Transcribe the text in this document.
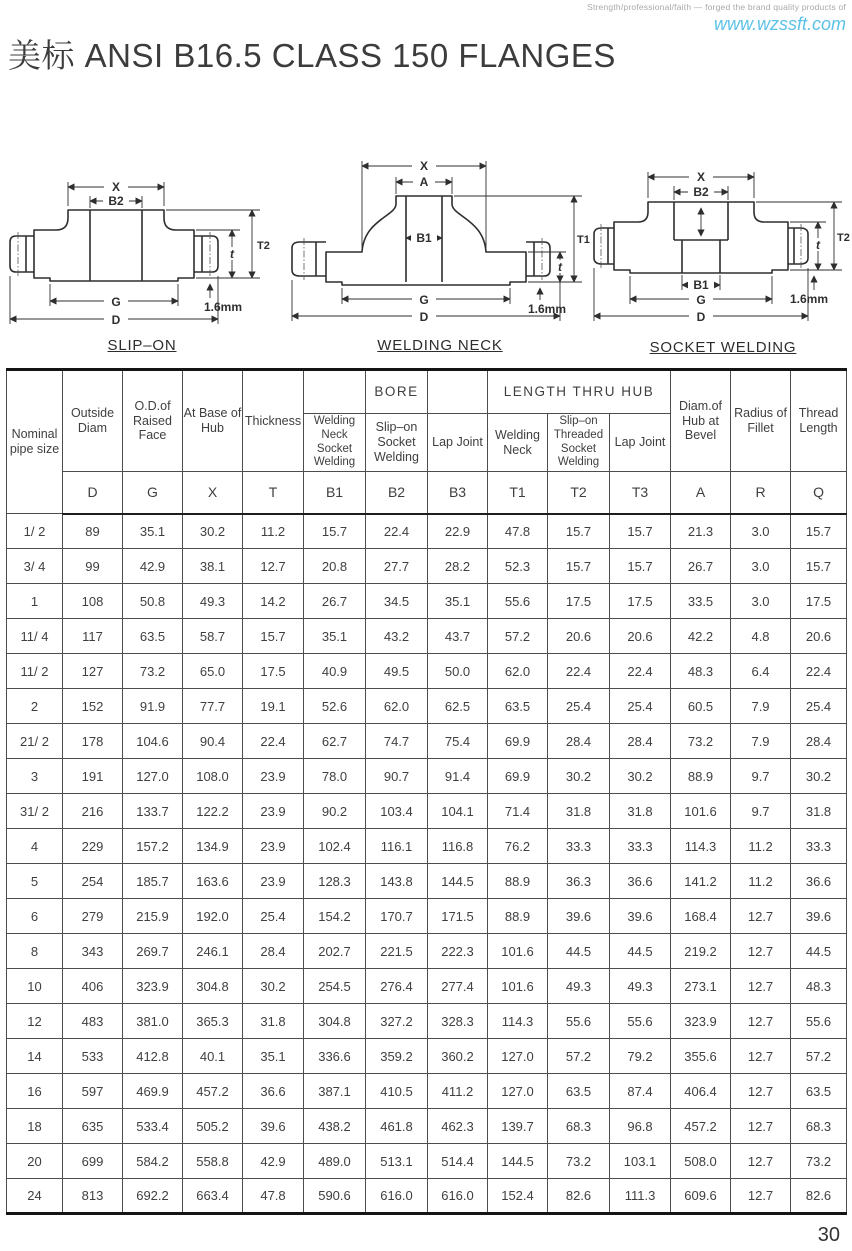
Strength/professional/faith — forged the brand quality products of
www.wzssft.com
美标 ANSI B16.5 CLASS 150 FLANGES
X
B2
t
T2
1.6mm
G
D
SLIP–ON
X
A
B1	T1
t
1.6mm
G
D
WELDING NECK
X
B2
t T2
1.6mm
B1
G
D
SOCKET WELDING
Nominal pipe size	Outside Diam	O.D.of Raised Face	At Base of Hub	Thickness		BORE		LENGTH THRU HUB			Diam.of Hub at Bevel	Radius of Fillet	Thread Length
					Welding Neck Socket Welding	Slip–on Socket Welding	Lap Joint	Welding Neck	Slip–on Threaded Socket Welding	Lap Joint			
	D	G	X	T	B1	B2	B3	T1	T2	T3	A	R	Q
1/ 2	89	35.1	30.2	11.2	15.7	22.4	22.9	47.8	15.7	15.7	21.3	3.0	15.7
3/ 4	99	42.9	38.1	12.7	20.8	27.7	28.2	52.3	15.7	15.7	26.7	3.0	15.7
1	108	50.8	49.3	14.2	26.7	34.5	35.1	55.6	17.5	17.5	33.5	3.0	17.5
11/ 4	117	63.5	58.7	15.7	35.1	43.2	43.7	57.2	20.6	20.6	42.2	4.8	20.6
11/ 2	127	73.2	65.0	17.5	40.9	49.5	50.0	62.0	22.4	22.4	48.3	6.4	22.4
2	152	91.9	77.7	19.1	52.6	62.0	62.5	63.5	25.4	25.4	60.5	7.9	25.4
21/ 2	178	104.6	90.4	22.4	62.7	74.7	75.4	69.9	28.4	28.4	73.2	7.9	28.4
3	191	127.0	108.0	23.9	78.0	90.7	91.4	69.9	30.2	30.2	88.9	9.7	30.2
31/ 2	216	133.7	122.2	23.9	90.2	103.4	104.1	71.4	31.8	31.8	101.6	9.7	31.8
4	229	157.2	134.9	23.9	102.4	116.1	116.8	76.2	33.3	33.3	114.3	11.2	33.3
5	254	185.7	163.6	23.9	128.3	143.8	144.5	88.9	36.3	36.6	141.2	11.2	36.6
6	279	215.9	192.0	25.4	154.2	170.7	171.5	88.9	39.6	39.6	168.4	12.7	39.6
8	343	269.7	246.1	28.4	202.7	221.5	222.3	101.6	44.5	44.5	219.2	12.7	44.5
10	406	323.9	304.8	30.2	254.5	276.4	277.4	101.6	49.3	49.3	273.1	12.7	48.3
12	483	381.0	365.3	31.8	304.8	327.2	328.3	114.3	55.6	55.6	323.9	12.7	55.6
14	533	412.8	40.1	35.1	336.6	359.2	360.2	127.0	57.2	79.2	355.6	12.7	57.2
16	597	469.9	457.2	36.6	387.1	410.5	411.2	127.0	63.5	87.4	406.4	12.7	63.5
18	635	533.4	505.2	39.6	438.2	461.8	462.3	139.7	68.3	96.8	457.2	12.7	68.3
20	699	584.2	558.8	42.9	489.0	513.1	514.4	144.5	73.2	103.1	508.0	12.7	73.2
24	813	692.2	663.4	47.8	590.6	616.0	616.0	152.4	82.6	111.3	609.6	12.7	82.6
30
